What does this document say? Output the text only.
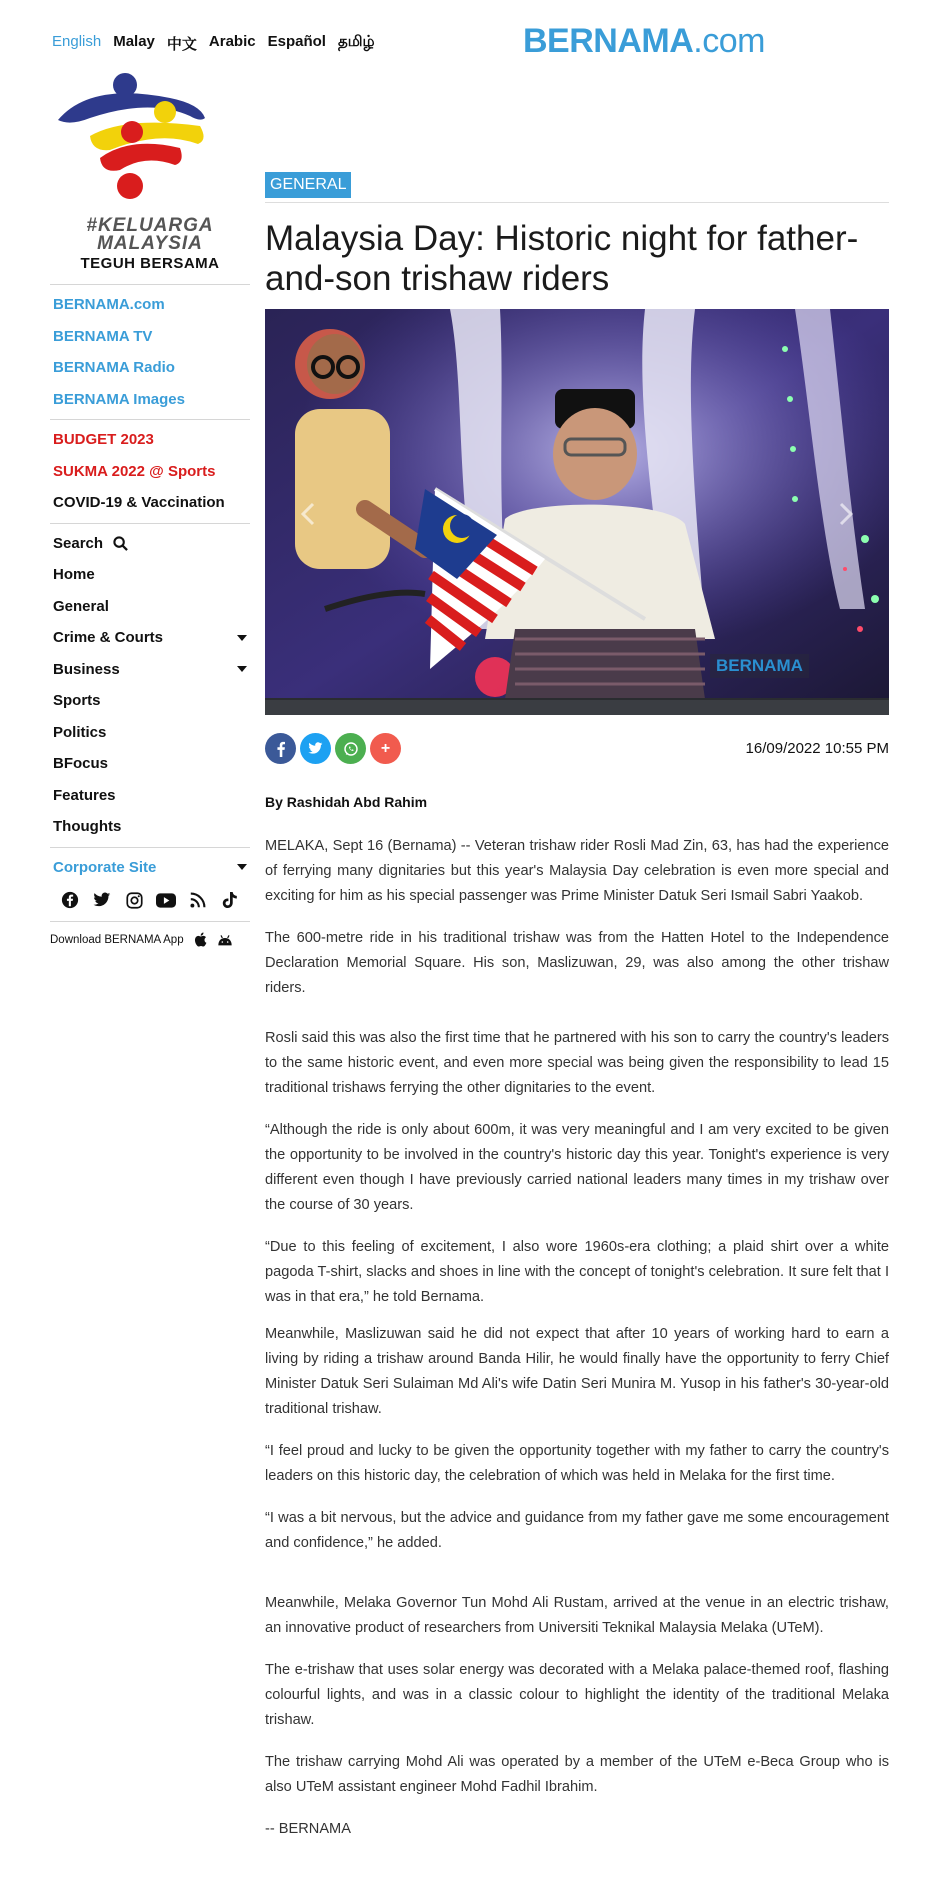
English Malay 中文 Arabic Español தமிழ்	BERNAMA.com
#KELUARGA
MALAYSIA
TEGUH BERSAMA
BERNAMA.com
BERNAMA TV
BERNAMA Radio
BERNAMA Images
BUDGET 2023
SUKMA 2022 @ Sports
COVID-19 & Vaccination
Search
Home
General
Crime & Courts
Business
Sports
Politics
BFocus
Features
Thoughts
Corporate Site
Download BERNAMA App
GENERAL
Malaysia Day: Historic night for father-and-son trishaw riders
BERNAMA
+	16/09/2022 10:55 PM
By Rashidah Abd Rahim

MELAKA, Sept 16 (Bernama) -- Veteran trishaw rider Rosli Mad Zin, 63, has had the experience of ferrying many dignitaries but this year's Malaysia Day celebration is even more special and exciting for him as his special passenger was Prime Minister Datuk Seri Ismail Sabri Yaakob.

The 600-metre ride in his traditional trishaw was from the Hatten Hotel to the Independence Declaration Memorial Square. His son, Maslizuwan, 29, was also among the other trishaw riders.

Rosli said this was also the first time that he partnered with his son to carry the country's leaders to the same historic event, and even more special was being given the responsibility to lead 15 traditional trishaws ferrying the other dignitaries to the event.

“Although the ride is only about 600m, it was very meaningful and I am very excited to be given the opportunity to be involved in the country's historic day this year. Tonight's experience is very different even though I have previously carried national leaders many times in my trishaw over the course of 30 years.

“Due to this feeling of excitement, I also wore 1960s-era clothing; a plaid shirt over a white pagoda T-shirt, slacks and shoes in line with the concept of tonight's celebration. It sure felt that I was in that era,” he told Bernama.

Meanwhile, Maslizuwan said he did not expect that after 10 years of working hard to earn a living by riding a trishaw around Banda Hilir, he would finally have the opportunity to ferry Chief Minister Datuk Seri Sulaiman Md Ali's wife Datin Seri Munira M. Yusop in his father's 30-year-old traditional trishaw.

“I feel proud and lucky to be given the opportunity together with my father to carry the country's leaders on this historic day, the celebration of which was held in Melaka for the first time.

“I was a bit nervous, but the advice and guidance from my father gave me some encouragement and confidence,” he added.

Meanwhile, Melaka Governor Tun Mohd Ali Rustam, arrived at the venue in an electric trishaw, an innovative product of researchers from Universiti Teknikal Malaysia Melaka (UTeM).

The e-trishaw that uses solar energy was decorated with a Melaka palace-themed roof, flashing colourful lights, and was in a classic colour to highlight the identity of the traditional Melaka trishaw.

The trishaw carrying Mohd Ali was operated by a member of the UTeM e-Beca Group who is also UTeM assistant engineer Mohd Fadhil Ibrahim.

-- BERNAMA
